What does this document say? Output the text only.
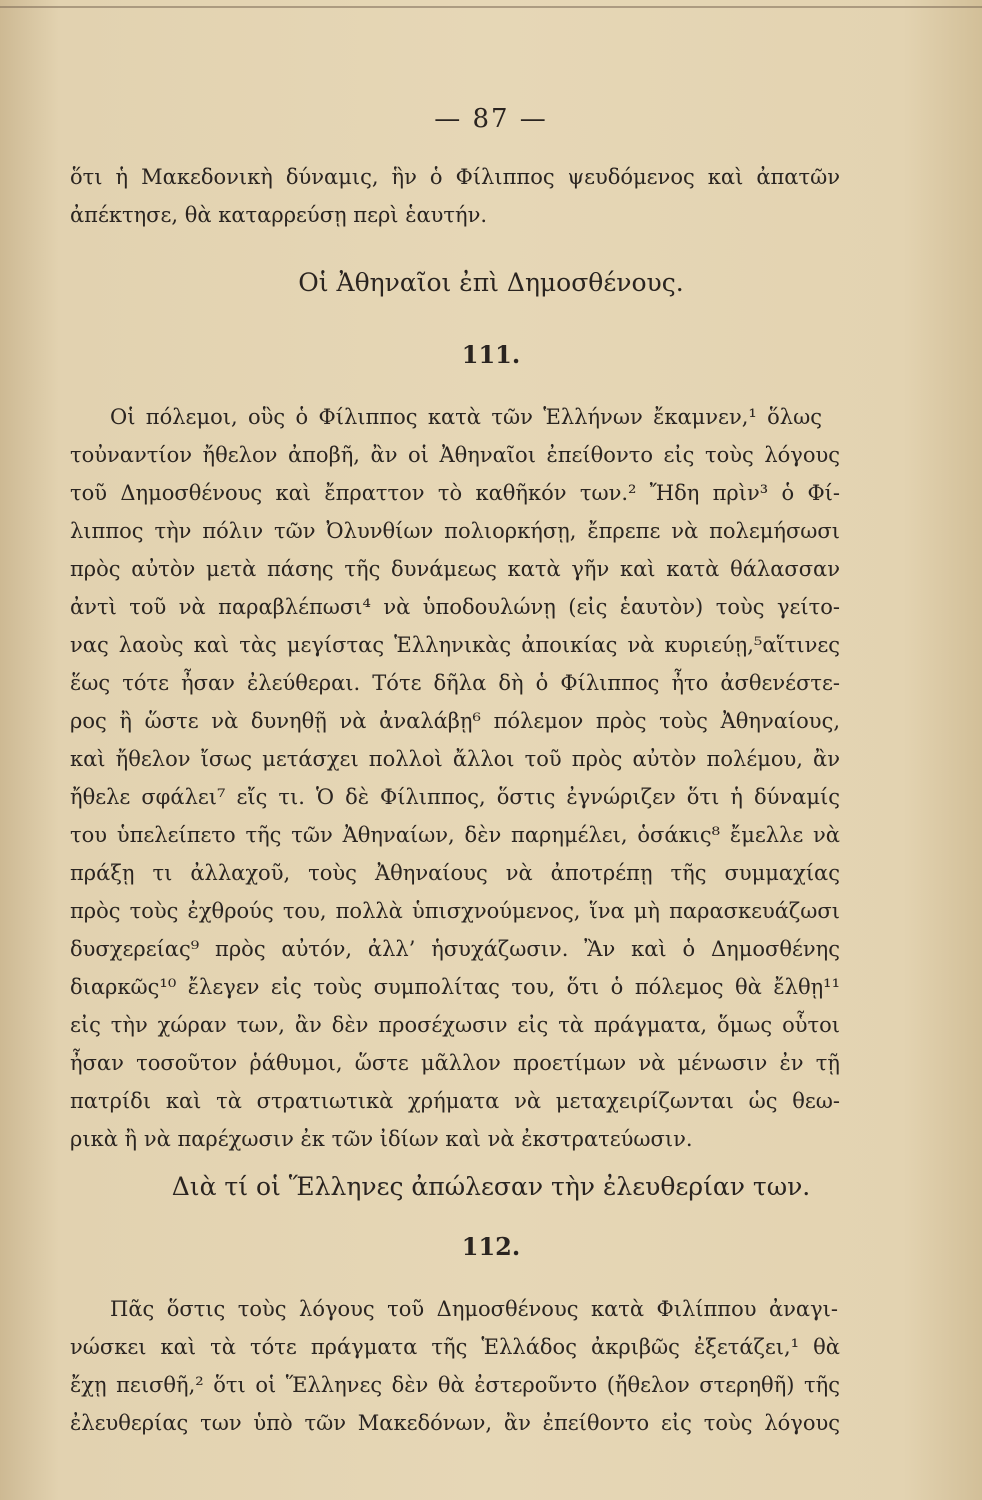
— 87 —
ὅτι ἡ Μακεδονικὴ δύναμις, ἣν ὁ Φίλιππος ψευδόμενος καὶ ἀπατῶν
ἀπέκτησε, θὰ καταρρεύσῃ περὶ ἑαυτήν.
Οἱ Ἀθηναῖοι ἐπὶ Δημοσθένους.
111.
Οἱ πόλεμοι, οὓς ὁ Φίλιππος κατὰ τῶν Ἑλλήνων ἔκαμνεν,¹ ὅλως
τοὐναντίον ἤθελον ἀποβῆ, ἂν οἱ Ἀθηναῖοι ἐπείθοντο εἰς τοὺς λόγους
τοῦ Δημοσθένους καὶ ἔπραττον τὸ καθῆκόν των.² Ἤδη πρὶν³ ὁ Φί-
λιππος τὴν πόλιν τῶν Ὀλυνθίων πολιορκήσῃ, ἔπρεπε νὰ πολεμήσωσι
πρὸς αὐτὸν μετὰ πάσης τῆς δυνάμεως κατὰ γῆν καὶ κατὰ θάλασσαν
ἀντὶ τοῦ νὰ παραβλέπωσι⁴ νὰ ὑποδουλώνῃ (εἰς ἑαυτὸν) τοὺς γείτο-
νας λαοὺς καὶ τὰς μεγίστας Ἑλληνικὰς ἀποικίας νὰ κυριεύῃ,⁵αἵτινες
ἕως τότε ἦσαν ἐλεύθεραι. Τότε δῆλα δὴ ὁ Φίλιππος ἦτο ἀσθενέστε-
ρος ἢ ὥστε νὰ δυνηθῇ νὰ ἀναλάβῃ⁶ πόλεμον πρὸς τοὺς Ἀθηναίους,
καὶ ἤθελον ἴσως μετάσχει πολλοὶ ἄλλοι τοῦ πρὸς αὐτὸν πολέμου, ἂν
ἤθελε σφάλει⁷ εἴς τι. Ὁ δὲ Φίλιππος, ὅστις ἐγνώριζεν ὅτι ἡ δύναμίς
του ὑπελείπετο τῆς τῶν Ἀθηναίων, δὲν παρημέλει, ὁσάκις⁸ ἔμελλε νὰ
πράξῃ τι ἀλλαχοῦ, τοὺς Ἀθηναίους νὰ ἀποτρέπῃ τῆς συμμαχίας
πρὸς τοὺς ἐχθρούς του, πολλὰ ὑπισχνούμενος, ἵνα μὴ παρασκευάζωσι
δυσχερείας⁹ πρὸς αὐτόν, ἀλλ’ ἡσυχάζωσιν. Ἂν καὶ ὁ Δημοσθένης
διαρκῶς¹⁰ ἔλεγεν εἰς τοὺς συμπολίτας του, ὅτι ὁ πόλεμος θὰ ἔλθῃ¹¹
εἰς τὴν χώραν των, ἂν δὲν προσέχωσιν εἰς τὰ πράγματα, ὅμως οὗτοι
ἦσαν τοσοῦτον ῥάθυμοι, ὥστε μᾶλλον προετίμων νὰ μένωσιν ἐν τῇ
πατρίδι καὶ τὰ στρατιωτικὰ χρήματα νὰ μεταχειρίζωνται ὡς θεω-
ρικὰ ἢ νὰ παρέχωσιν ἐκ τῶν ἰδίων καὶ νὰ ἐκστρατεύωσιν.
Διὰ τί οἱ Ἕλληνες ἀπώλεσαν τὴν ἐλευθερίαν των.
112.
Πᾶς ὅστις τοὺς λόγους τοῦ Δημοσθένους κατὰ Φιλίππου ἀναγι-
νώσκει καὶ τὰ τότε πράγματα τῆς Ἑλλάδος ἀκριβῶς ἐξετάζει,¹ θὰ
ἔχῃ πεισθῆ,² ὅτι οἱ Ἕλληνες δὲν θὰ ἐστεροῦντο (ἤθελον στερηθῆ) τῆς
ἐλευθερίας των ὑπὸ τῶν Μακεδόνων, ἂν ἐπείθοντο εἰς τοὺς λόγους
